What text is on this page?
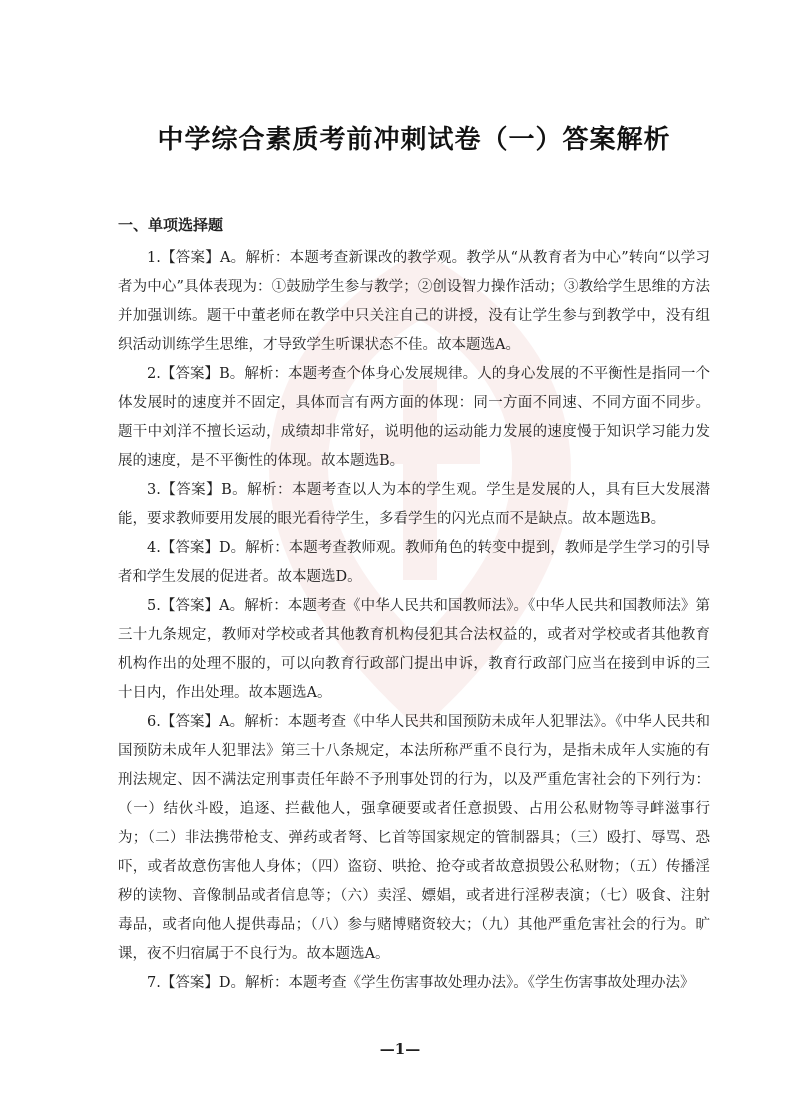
中学综合素质考前冲刺试卷（一）答案解析
一、单项选择题

1.【答案】A。解析：本题考查新课改的教学观。教学从“从教育者为中心”转向“以学习者为中心”具体表现为：①鼓励学生参与教学；②创设智力操作活动；③教给学生思维的方法并加强训练。题干中董老师在教学中只关注自己的讲授，没有让学生参与到教学中，没有组织活动训练学生思维，才导致学生听课状态不佳。故本题选A。

2.【答案】B。解析：本题考查个体身心发展规律。人的身心发展的不平衡性是指同一个体发展时的速度并不固定，具体而言有两方面的体现：同一方面不同速、不同方面不同步。题干中刘洋不擅长运动，成绩却非常好，说明他的运动能力发展的速度慢于知识学习能力发展的速度，是不平衡性的体现。故本题选B。

3.【答案】B。解析：本题考查以人为本的学生观。学生是发展的人，具有巨大发展潜能，要求教师要用发展的眼光看待学生，多看学生的闪光点而不是缺点。故本题选B。

4.【答案】D。解析：本题考查教师观。教师角色的转变中提到，教师是学生学习的引导者和学生发展的促进者。故本题选D。

5.【答案】A。解析：本题考查《中华人民共和国教师法》。《中华人民共和国教师法》第三十九条规定，教师对学校或者其他教育机构侵犯其合法权益的，或者对学校或者其他教育机构作出的处理不服的，可以向教育行政部门提出申诉，教育行政部门应当在接到申诉的三十日内，作出处理。故本题选A。

6.【答案】A。解析：本题考查《中华人民共和国预防未成年人犯罪法》。《中华人民共和国预防未成年人犯罪法》第三十八条规定，本法所称严重不良行为，是指未成年人实施的有刑法规定、因不满法定刑事责任年龄不予刑事处罚的行为，以及严重危害社会的下列行为：（一）结伙斗殴，追逐、拦截他人，强拿硬要或者任意损毁、占用公私财物等寻衅滋事行为；（二）非法携带枪支、弹药或者弩、匕首等国家规定的管制器具；（三）殴打、辱骂、恐吓，或者故意伤害他人身体；（四）盗窃、哄抢、抢夺或者故意损毁公私财物；（五）传播淫秽的读物、音像制品或者信息等；（六）卖淫、嫖娼，或者进行淫秽表演；（七）吸食、注射毒品，或者向他人提供毒品；（八）参与赌博赌资较大；（九）其他严重危害社会的行为。旷课，夜不归宿属于不良行为。故本题选A。

7.【答案】D。解析：本题考查《学生伤害事故处理办法》。《学生伤害事故处理办法》

—1—
